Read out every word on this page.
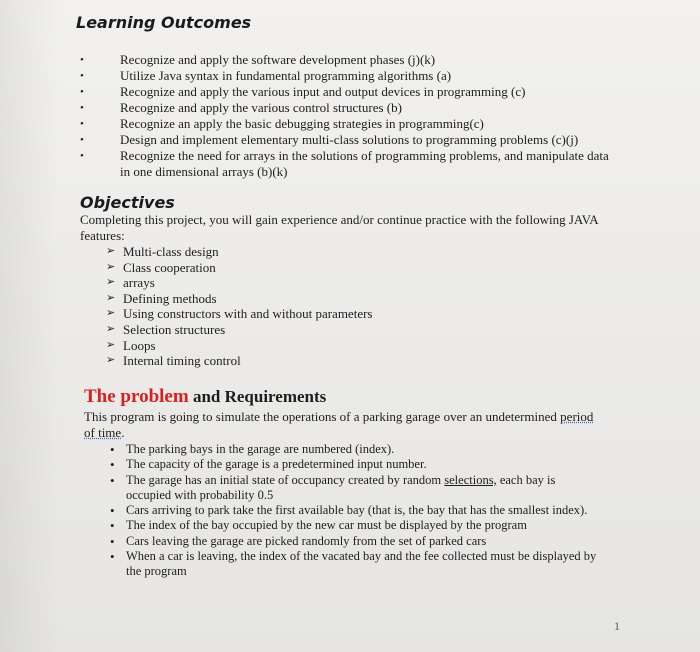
Learning Outcomes
•	Recognize and apply the software development phases (j)(k)
•	Utilize Java syntax in fundamental programming algorithms (a)
•	Recognize and apply the various input and output devices in programming (c)
•	Recognize and apply the various control structures (b)
•	Recognize an apply the basic debugging strategies in programming(c)
•	Design and implement elementary multi-class solutions to programming problems (c)(j)
•	Recognize the need for arrays in the solutions of programming problems, and manipulate data in one dimensional arrays (b)(k)
Objectives

Completing this project, you will gain experience and/or continue practice with the following JAVA features:

➢ Multi-class design
➢ Class cooperation
➢ arrays
➢ Defining methods
➢ Using constructors with and without parameters
➢ Selection structures
➢ Loops
➢ Internal timing control
The problem and Requirements

This program is going to simulate the operations of a parking garage over an undetermined period of time.

• The parking bays in the garage are numbered (index).
• The capacity of the garage is a predetermined input number.
• The garage has an initial state of occupancy created by random selections, each bay is occupied with probability 0.5
• Cars arriving to park take the first available bay (that is, the bay that has the smallest index).
• The index of the bay occupied by the new car must be displayed by the program
• Cars leaving the garage are picked randomly from the set of parked cars
• When a car is leaving, the index of the vacated bay and the fee collected must be displayed by the program
1
